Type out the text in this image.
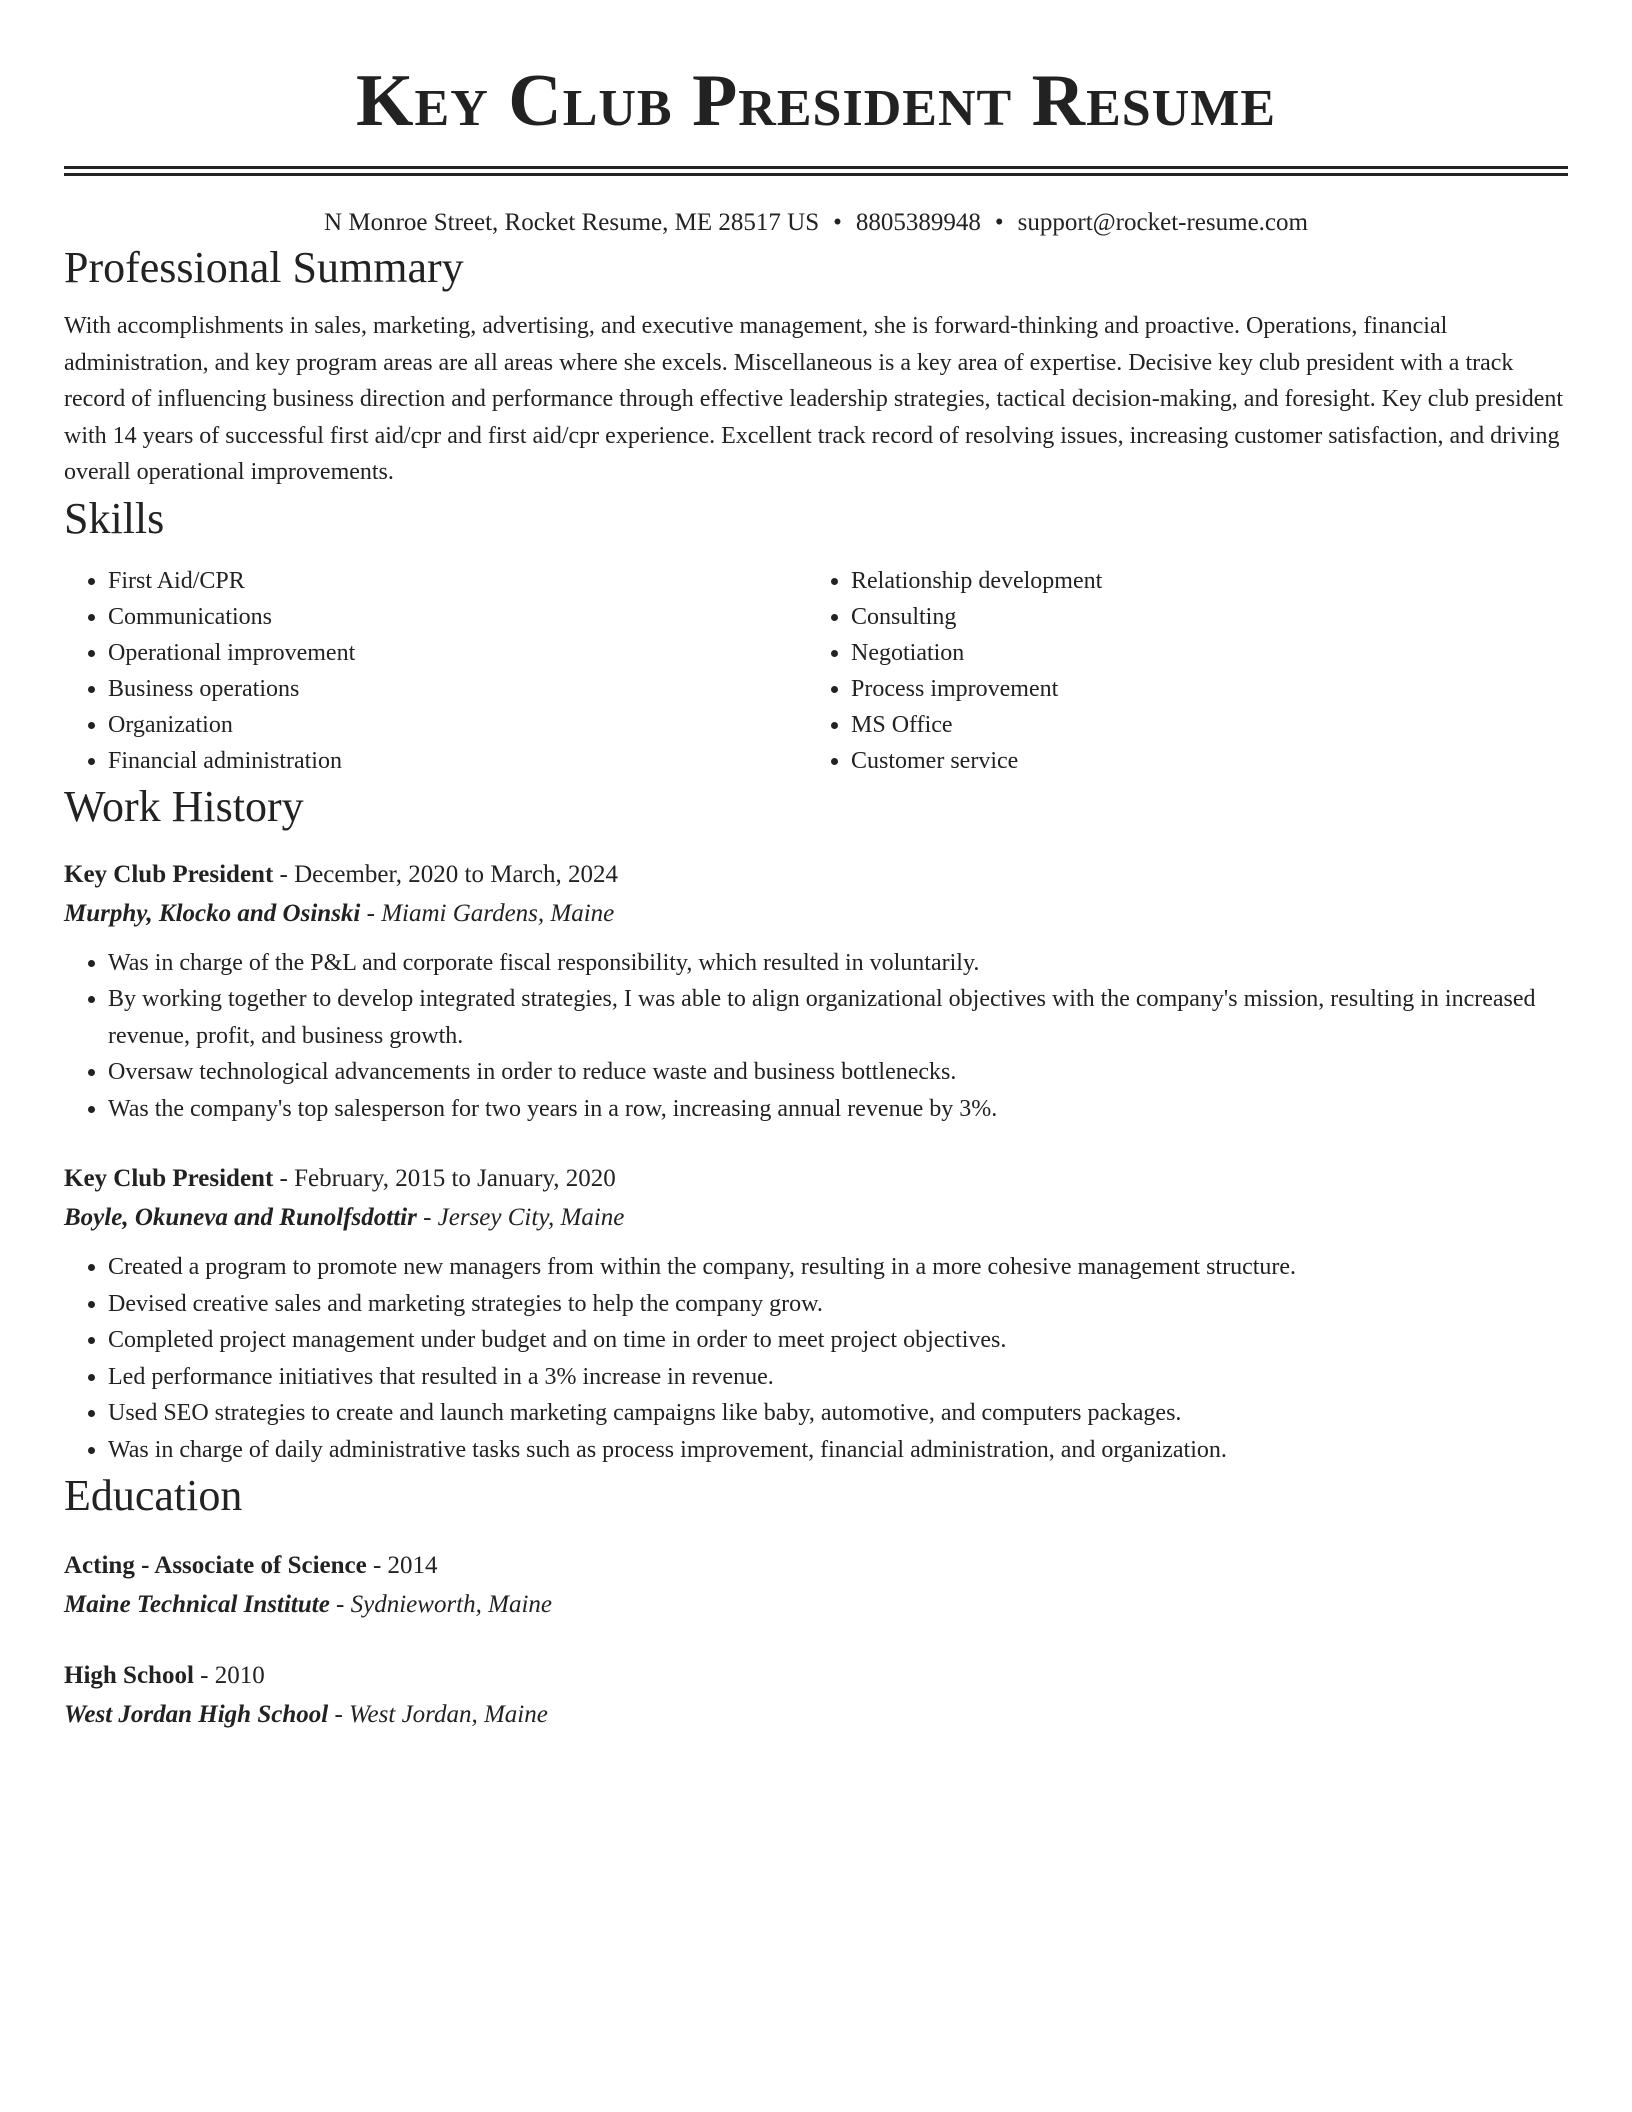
Key Club President Resume
N Monroe Street, Rocket Resume, ME 28517 US • 8805389948 • support@rocket-resume.com
Professional Summary
With accomplishments in sales, marketing, advertising, and executive management, she is forward-thinking and proactive. Operations, financial administration, and key program areas are all areas where she excels. Miscellaneous is a key area of expertise. Decisive key club president with a track record of influencing business direction and performance through effective leadership strategies, tactical decision-making, and foresight. Key club president with 14 years of successful first aid/cpr and first aid/cpr experience. Excellent track record of resolving issues, increasing customer satisfaction, and driving overall operational improvements.
Skills
• First Aid/CPR
• Communications
• Operational improvement
• Business operations
• Organization
• Financial administration
• Relationship development
• Consulting
• Negotiation
• Process improvement
• MS Office
• Customer service
Work History
Key Club President - December, 2020 to March, 2024
Murphy, Klocko and Osinski - Miami Gardens, Maine
• Was in charge of the P&L and corporate fiscal responsibility, which resulted in voluntarily.
• By working together to develop integrated strategies, I was able to align organizational objectives with the company's mission, resulting in increased revenue, profit, and business growth.
• Oversaw technological advancements in order to reduce waste and business bottlenecks.
• Was the company's top salesperson for two years in a row, increasing annual revenue by 3%.
Key Club President - February, 2015 to January, 2020
Boyle, Okuneva and Runolfsdottir - Jersey City, Maine
• Created a program to promote new managers from within the company, resulting in a more cohesive management structure.
• Devised creative sales and marketing strategies to help the company grow.
• Completed project management under budget and on time in order to meet project objectives.
• Led performance initiatives that resulted in a 3% increase in revenue.
• Used SEO strategies to create and launch marketing campaigns like baby, automotive, and computers packages.
• Was in charge of daily administrative tasks such as process improvement, financial administration, and organization.
Education
Acting - Associate of Science - 2014
Maine Technical Institute - Sydnieworth, Maine
High School - 2010
West Jordan High School - West Jordan, Maine
